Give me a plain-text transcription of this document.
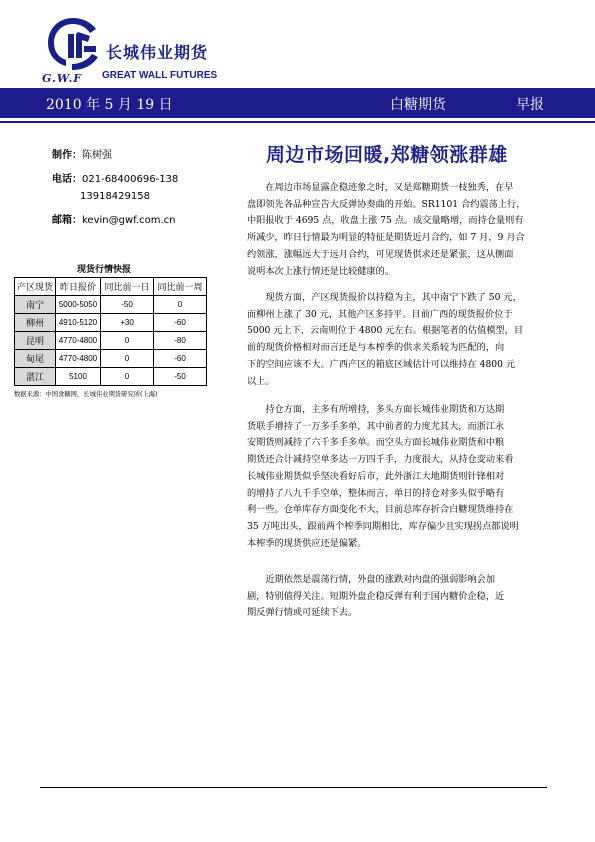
G.W.F
长城伟业期货
GREAT WALL FUTURES
2010 年 5 月 19 日	白糖期货	早报
制作：陈树强
电话：021-68400696-138
13918429158
邮箱：kevin@gwf.com.cn
周边市场回暖,郑糖领涨群雄
现货行情快报
产区现货	昨日报价	同比前一日	同比前一周
南宁	5000-5050	-50	0
柳州	4910-5120	+30	-60
昆明	4770-4800	0	-80
甸尾	4770-4800	0	-60
湛江	5100	0	-50
数据来源：中国食糖网，长城伟业期货研究所(上海)
　　在周边市场显露企稳迹象之时，又是郑糖期货一枝独秀，在早
盘即领先各品种宣告大反弹协奏曲的开始。SR1101 合约震荡上行，
中阳报收于 4695 点，收盘上涨 75 点。成交量略增，而持仓量则有
所减少，昨日行情最为明显的特征是期货近月合约，如 7 月，9 月合
约领涨，涨幅远大于远月合约，可见现货供求还是紧张，这从侧面
说明本次上涨行情还是比较健康的。
　　现货方面，产区现货报价以持稳为主，其中南宁下跌了 50 元，
而柳州上涨了 30 元，其他产区多持平。目前广西的现货报价位于
5000 元上下，云南则位于 4800 元左右。根据笔者的估值模型，目
前的现货价格相对而言还是与本榨季的供求关系较为匹配的，向
下的空间应该不大。广西产区的箱底区域估计可以维持在 4800 元
以上。
　　持仓方面，主多有所增持，多头方面长城伟业期货和万达期
货联手增持了一万多手多单，其中前者的力度尤其大，而浙江永
安期货则减持了六千多手多单。而空头方面长城伟业期货和中粮
期货还合计减持空单多达一万四千手，力度很大，从持仓变动来看
长城伟业期货似乎坚决看好后市，此外浙江大地期货则针锋相对
的增持了八九千手空单，整体而言，单日的持仓对多头似乎略有
利一些。仓单库存方面变化不大，目前总库存折合白糖现货维持在
35 万吨出头，跟前两个榨季同期相比，库存偏少且实现拐点都说明
本榨季的现货供应还是偏紧。
　　近期依然是震荡行情，外盘的涨跌对内盘的强弱影响会加
剧，特别值得关注。短期外盘企稳反弹有利于国内糖价企稳，近
期反弹行情或可延续下去。
